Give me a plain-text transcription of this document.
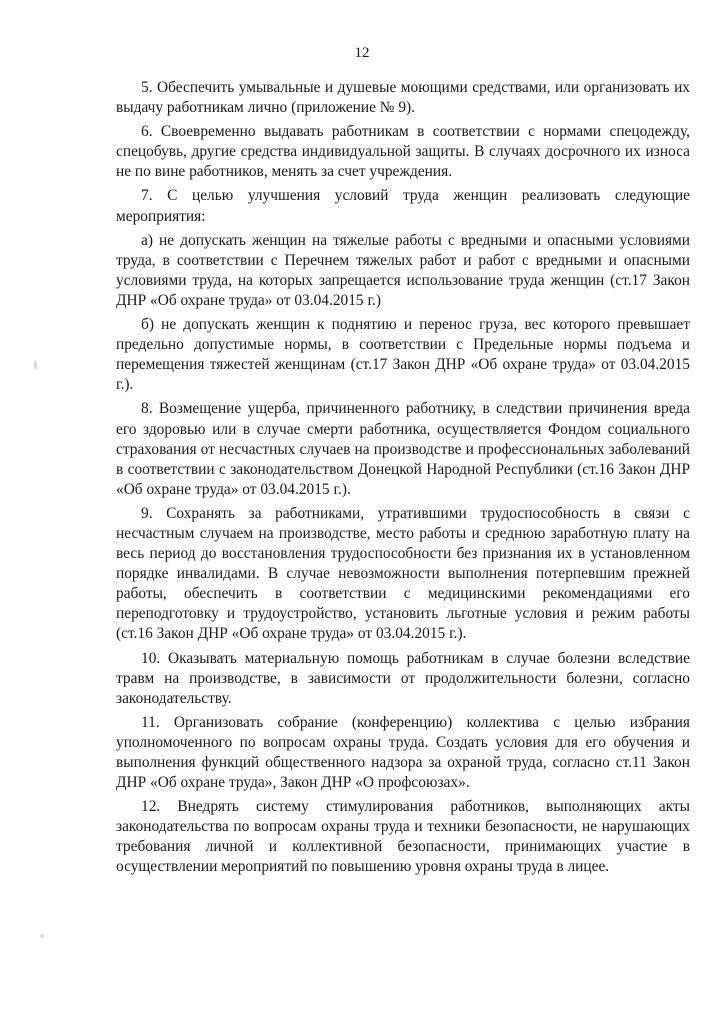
12

5. Обеспечить умывальные и душевые моющими средствами, или организовать их выдачу работникам лично (приложение № 9).

6. Своевременно выдавать работникам в соответствии с нормами спецодежду, спецобувь, другие средства индивидуальной защиты. В случаях досрочного их износа не по вине работников, менять за счет учреждения.

7. С целью улучшения условий труда женщин реализовать следующие мероприятия:

а) не допускать женщин на тяжелые работы с вредными и опасными условиями труда, в соответствии с Перечнем тяжелых работ и работ с вредными и опасными условиями труда, на которых запрещается использование труда женщин (ст.17 Закон ДНР «Об охране труда» от 03.04.2015 г.)

б) не допускать женщин к поднятию и перенос груза, вес которого превышает предельно допустимые нормы, в соответствии с Предельные нормы подъема и перемещения тяжестей женщинам (ст.17 Закон ДНР «Об охране труда» от 03.04.2015 г.).

8. Возмещение ущерба, причиненного работнику, в следствии причинения вреда его здоровью или в случае смерти работника, осуществляется Фондом социального страхования от несчастных случаев на производстве и профессиональных заболеваний в соответствии с законодательством Донецкой Народной Республики (ст.16 Закон ДНР «Об охране труда» от 03.04.2015 г.).

9. Сохранять за работниками, утратившими трудоспособность в связи с несчастным случаем на производстве, место работы и среднюю заработную плату на весь период до восстановления трудоспособности без признания их в установленном порядке инвалидами. В случае невозможности выполнения потерпевшим прежней работы, обеспечить в соответствии с медицинскими рекомендациями его переподготовку и трудоустройство, установить льготные условия и режим работы (ст.16 Закон ДНР «Об охране труда» от 03.04.2015 г.).

10. Оказывать материальную помощь работникам в случае болезни вследствие травм на производстве, в зависимости от продолжительности болезни, согласно законодательству.

11. Организовать собрание (конференцию) коллектива с целью избрания уполномоченного по вопросам охраны труда. Создать условия для его обучения и выполнения функций общественного надзора за охраной труда, согласно ст.11 Закон ДНР «Об охране труда», Закон ДНР «О профсоюзах».

12. Внедрять систему стимулирования работников, выполняющих акты законодательства по вопросам охраны труда и техники безопасности, не нарушающих требования личной и коллективной безопасности, принимающих участие в осуществлении мероприятий по повышению уровня охраны труда в лицее.
